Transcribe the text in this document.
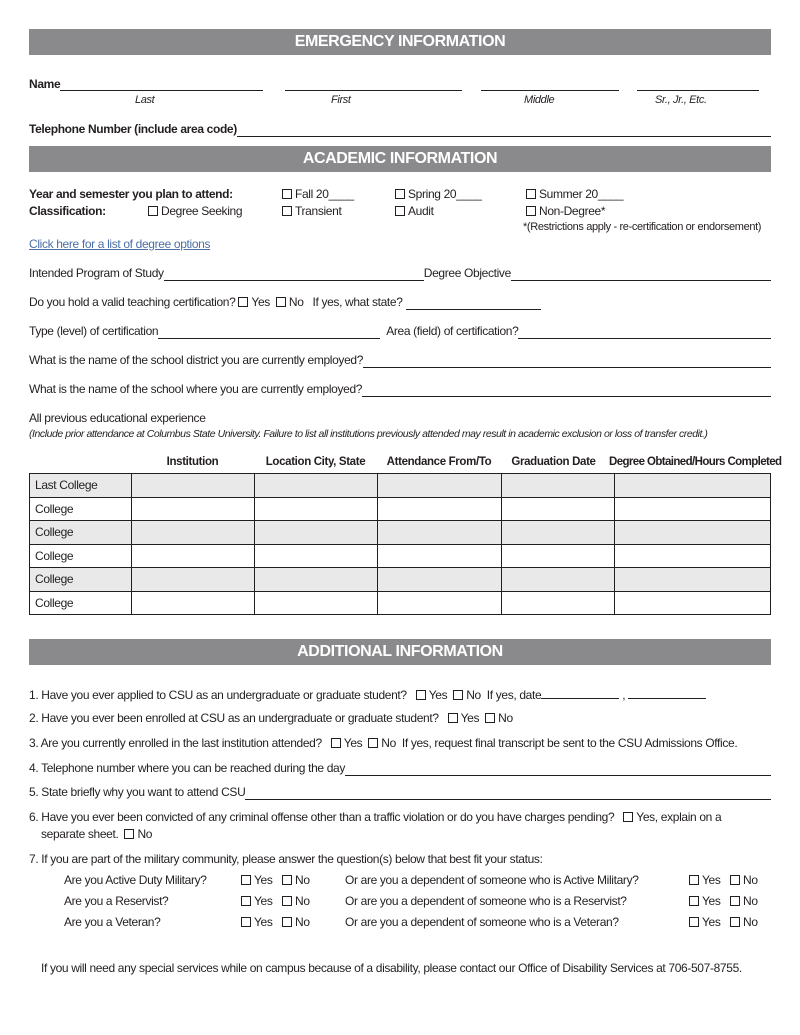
EMERGENCY INFORMATION
Name
Last	First	Middle	Sr., Jr., Etc.
Telephone Number (include area code)
ACADEMIC INFORMATION
Year and semester you plan to attend:	Fall 20____	Spring 20____	Summer 20____
Classification:	Degree Seeking	Transient	Audit	Non-Degree*
*(Restrictions apply - re-certification or endorsement)
Click here for a list of degree options
Intended Program of Study	Degree Objective
Do you hold a valid teaching certification?
	Yes
	No
If yes, what state?

Type (level) of certification
	Area (field) of certification?
What is the name of the school district you are currently employed?
What is the name of the school where you are currently employed?
All previous educational experience
(Include prior attendance at Columbus State University. Failure to list all institutions previously attended may result in academic exclusion or loss of transfer credit.)
Institution	Location City, State	Attendance From/To	Graduation Date	Degree Obtained/Hours Completed
Last College					
College					
College					
College					
College					
College					
ADDITIONAL INFORMATION
1. Have you ever applied to CSU as an undergraduate or graduate student? Yes No If yes, date	,
2. Have you ever been enrolled at CSU as an undergraduate or graduate student? Yes No
3. Are you currently enrolled in the last institution attended? Yes No If yes, request final transcript be sent to the CSU Admissions Office.
4. Telephone number where you can be reached during the day
5. State briefly why you want to attend CSU
6. Have you ever been convicted of any criminal offense other than a traffic violation or do you have charges pending? Yes, explain on a
separate sheet. No
7. If you are part of the military community, please answer the question(s) below that best fit your status:
Are you Active Duty Military?	Yes	No	Or are you a dependent of someone who is Active Military?	Yes	No
Are you a Reservist?	Yes	No	Or are you a dependent of someone who is a Reservist?	Yes	No
Are you a Veteran?	Yes	No	Or are you a dependent of someone who is a Veteran?	Yes	No
If you will need any special services while on campus because of a disability, please contact our Office of Disability Services at 706-507-8755.
